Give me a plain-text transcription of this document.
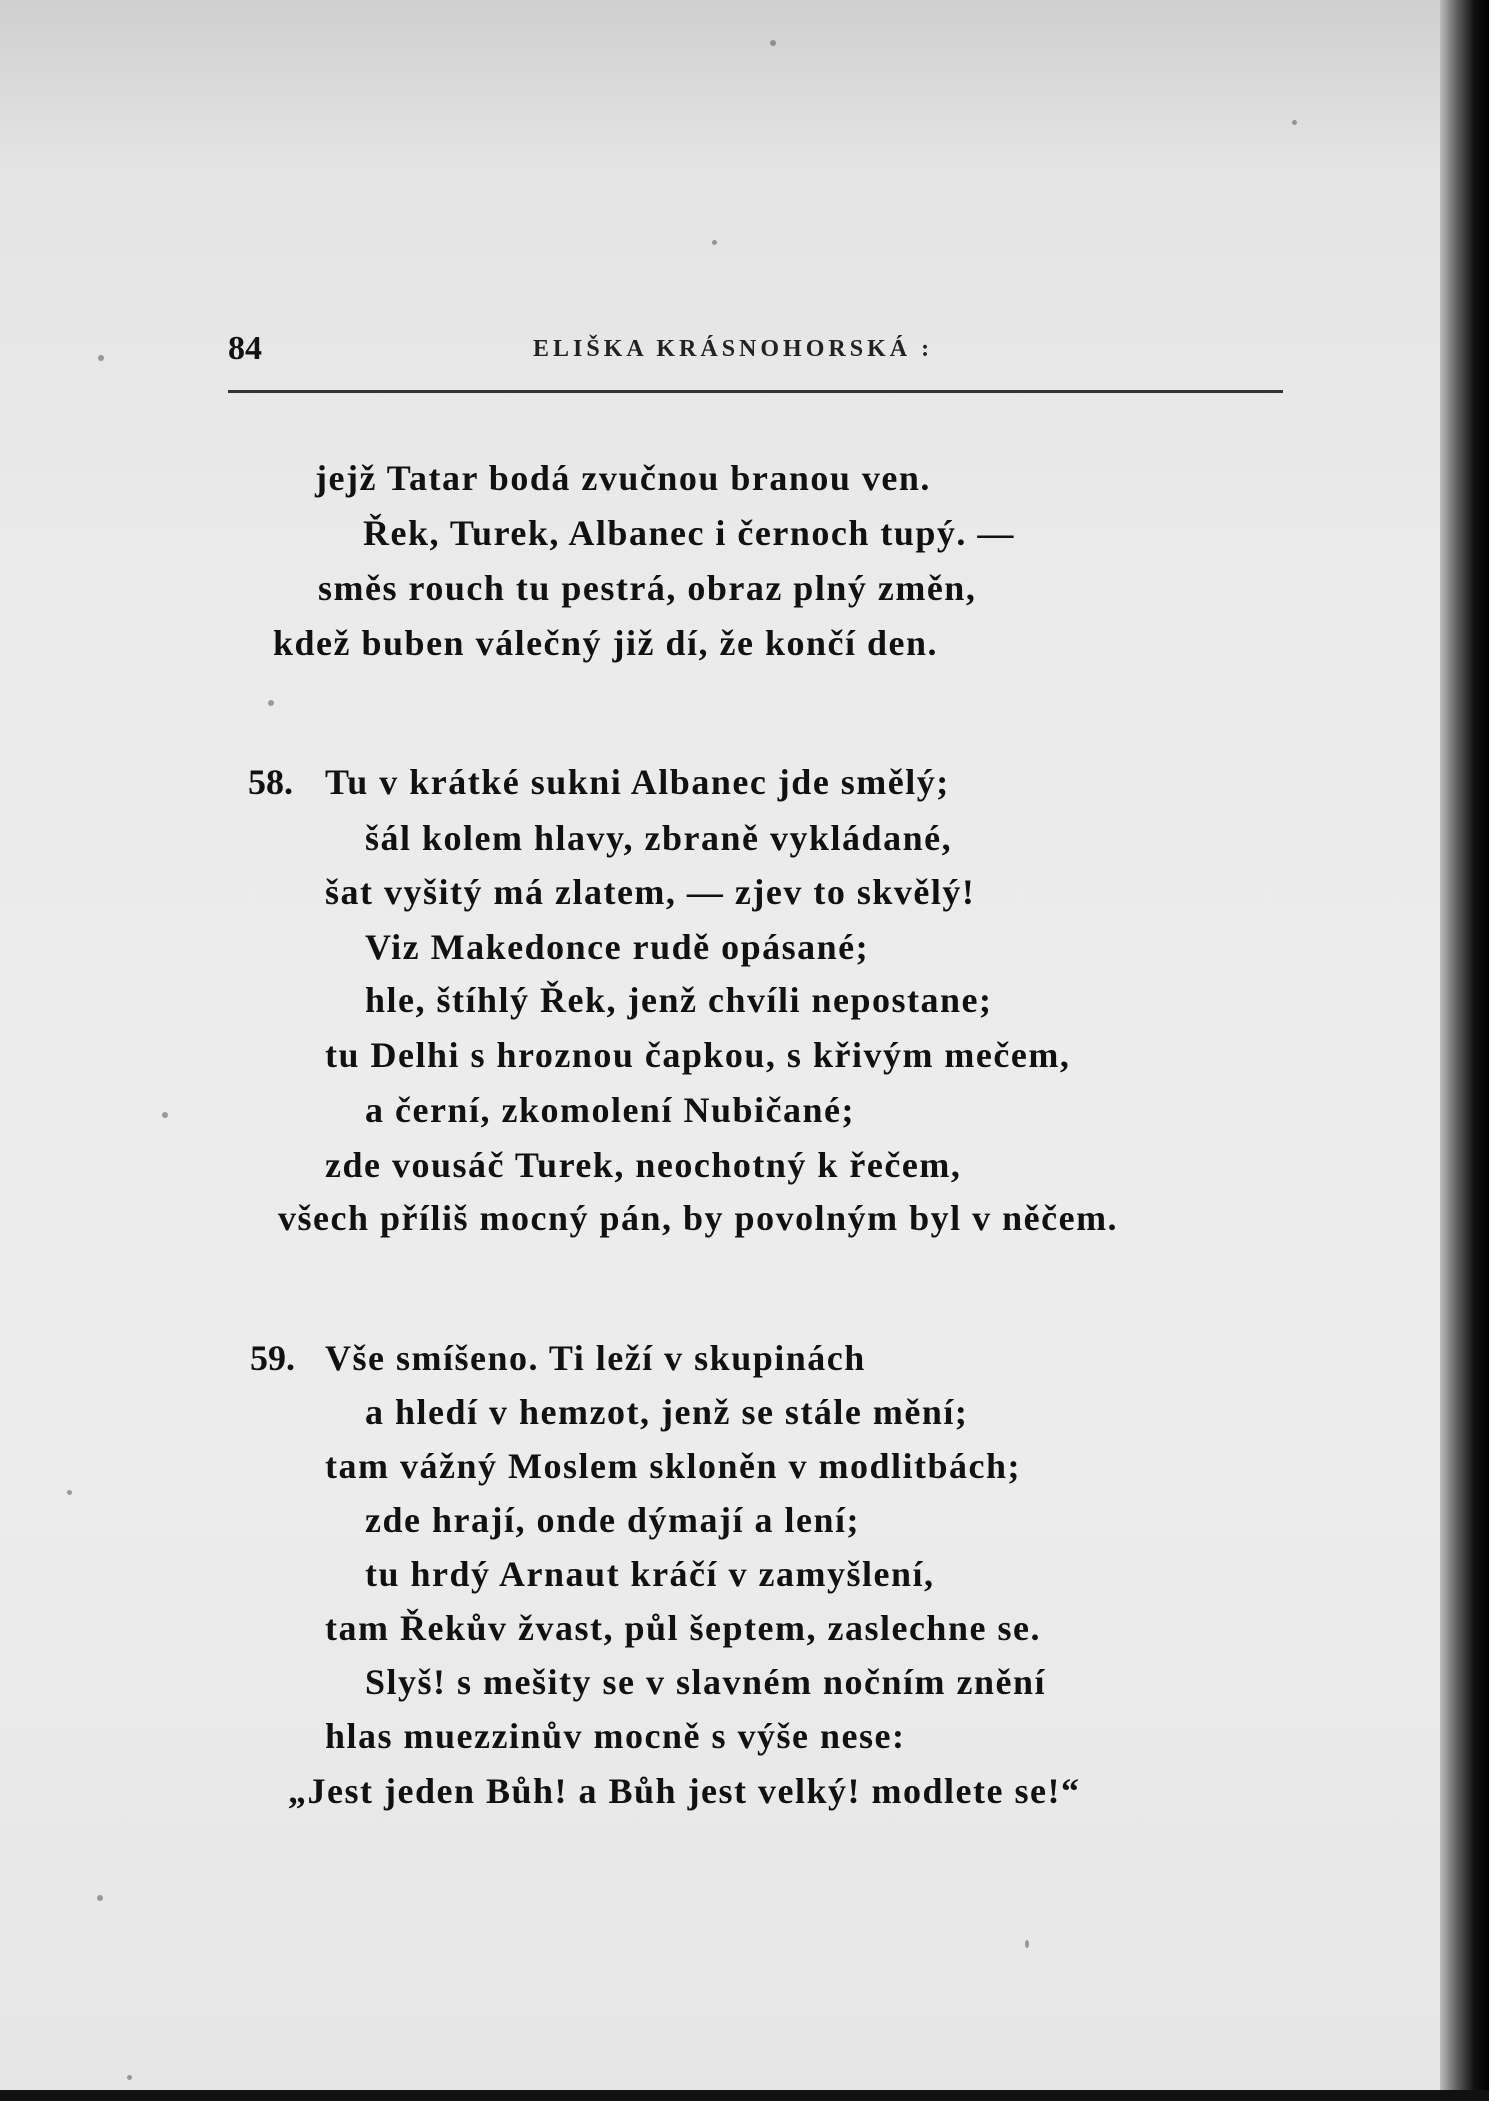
84	ELIŠKA KRÁSNOHORSKÁ :
jejž Tatar bodá zvučnou branou ven.
Řek, Turek, Albanec i černoch tupý. —
směs rouch tu pestrá, obraz plný změn,
kdež buben válečný již dí, že končí den.
58. Tu v krátké sukni Albanec jde smělý;
šál kolem hlavy, zbraně vykládané,
šat vyšitý má zlatem, — zjev to skvělý!
Viz Makedonce rudě opásané;
hle, štíhlý Řek, jenž chvíli nepostane;
tu Delhi s hroznou čapkou, s křivým mečem,
a černí, zkomolení Nubičané;
zde vousáč Turek, neochotný k řečem,
všech příliš mocný pán, by povolným byl v něčem.
59. Vše smíšeno. Ti leží v skupinách
a hledí v hemzot, jenž se stále mění;
tam vážný Moslem skloněn v modlitbách;
zde hrají, onde dýmají a lení;
tu hrdý Arnaut kráčí v zamyšlení,
tam Řekův žvast, půl šeptem, zaslechne se.
Slyš! s mešity se v slavném nočním znění
hlas muezzinův mocně s výše nese:
„Jest jeden Bůh! a Bůh jest velký! modlete se!“
